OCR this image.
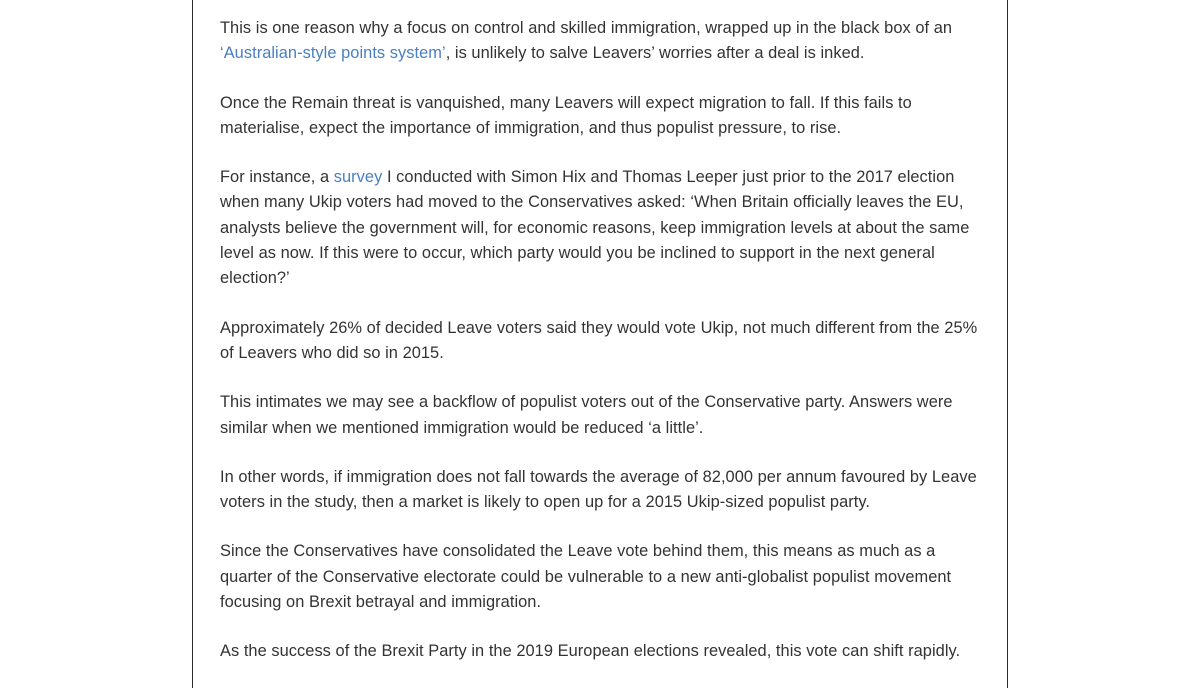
This is one reason why a focus on control and skilled immigration, wrapped up in the black box of an ‘Australian-style points system’, is unlikely to salve Leavers’ worries after a deal is inked.

Once the Remain threat is vanquished, many Leavers will expect migration to fall. If this fails to materialise, expect the importance of immigration, and thus populist pressure, to rise.

For instance, a survey I conducted with Simon Hix and Thomas Leeper just prior to the 2017 election when many Ukip voters had moved to the Conservatives asked: ‘When Britain officially leaves the EU, analysts believe the government will, for economic reasons, keep immigration levels at about the same level as now. If this were to occur, which party would you be inclined to support in the next general election?’

Approximately 26% of decided Leave voters said they would vote Ukip, not much different from the 25% of Leavers who did so in 2015.

This intimates we may see a backflow of populist voters out of the Conservative party. Answers were similar when we mentioned immigration would be reduced ‘a little’.

In other words, if immigration does not fall towards the average of 82,000 per annum favoured by Leave voters in the study, then a market is likely to open up for a 2015 Ukip-sized populist party.

Since the Conservatives have consolidated the Leave vote behind them, this means as much as a quarter of the Conservative electorate could be vulnerable to a new anti-globalist populist movement focusing on Brexit betrayal and immigration.

As the success of the Brexit Party in the 2019 European elections revealed, this vote can shift rapidly.
